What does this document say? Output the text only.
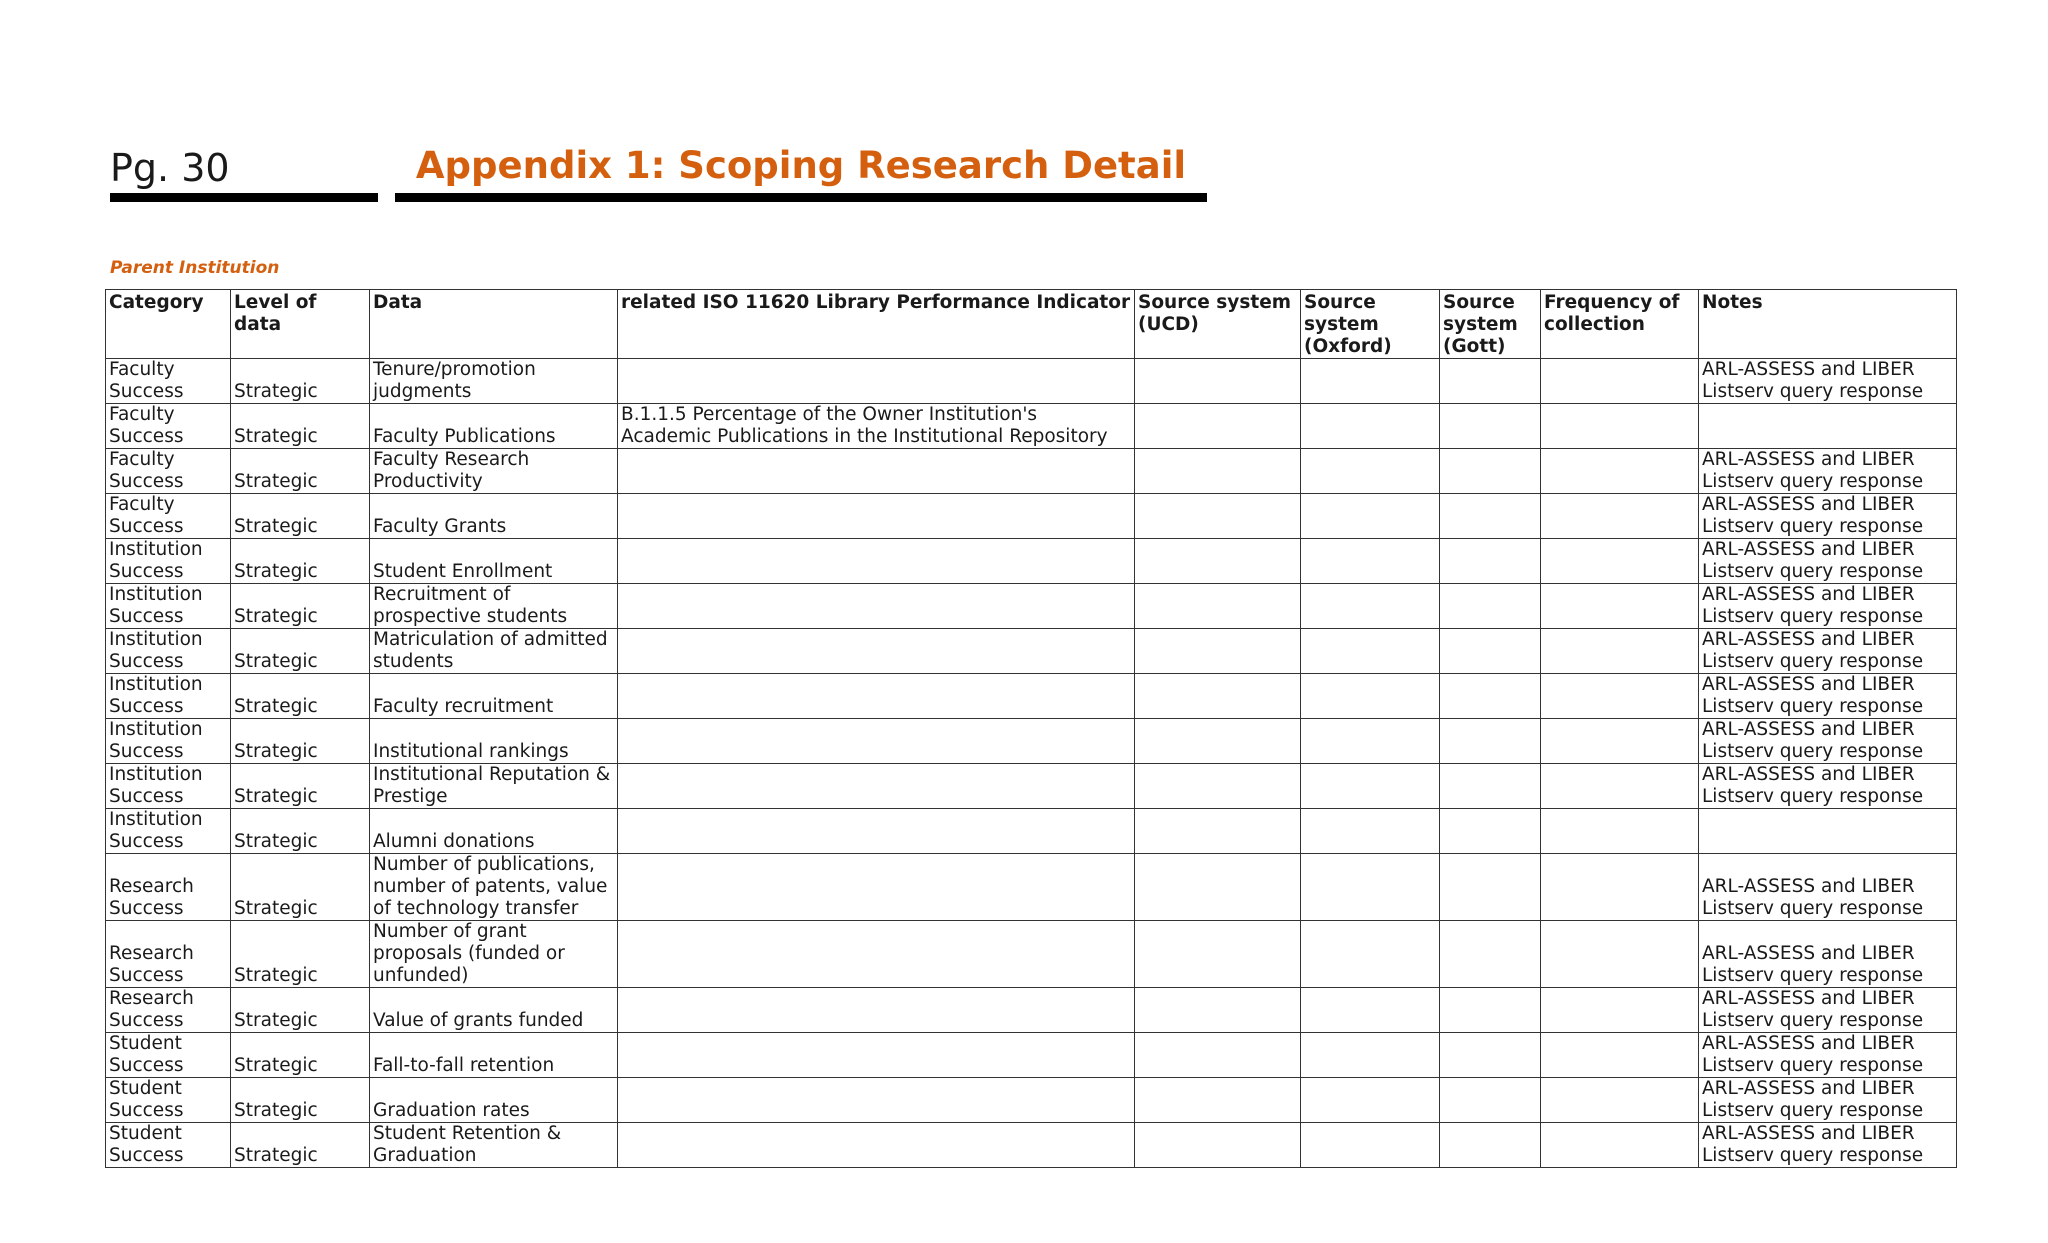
Pg. 30	Appendix 1: Scoping Research Detail
Parent Institution
Category	Level of data	Data	related ISO 11620 Library Performance Indicator	Source system (UCD)	Source system (Oxford)	Source system (Gott)	Frequency of collection	Notes
Faculty Success	Strategic	Tenure/promotion judgments						ARL-ASSESS and LIBER Listserv query response
Faculty Success	Strategic	Faculty Publications	B.1.1.5 Percentage of the Owner Institution's Academic Publications in the Institutional Repository					
Faculty Success	Strategic	Faculty Research Productivity						ARL-ASSESS and LIBER Listserv query response
Faculty Success	Strategic	Faculty Grants						ARL-ASSESS and LIBER Listserv query response
Institution Success	Strategic	Student Enrollment						ARL-ASSESS and LIBER Listserv query response
Institution Success	Strategic	Recruitment of prospective students						ARL-ASSESS and LIBER Listserv query response
Institution Success	Strategic	Matriculation of admitted students						ARL-ASSESS and LIBER Listserv query response
Institution Success	Strategic	Faculty recruitment						ARL-ASSESS and LIBER Listserv query response
Institution Success	Strategic	Institutional rankings						ARL-ASSESS and LIBER Listserv query response
Institution Success	Strategic	Institutional Reputation & Prestige						ARL-ASSESS and LIBER Listserv query response
Institution Success	Strategic	Alumni donations						
Research Success	Strategic	Number of publications, number of patents, value of technology transfer						ARL-ASSESS and LIBER Listserv query response
Research Success	Strategic	Number of grant proposals (funded or unfunded)						ARL-ASSESS and LIBER Listserv query response
Research Success	Strategic	Value of grants funded						ARL-ASSESS and LIBER Listserv query response
Student Success	Strategic	Fall-to-fall retention						ARL-ASSESS and LIBER Listserv query response
Student Success	Strategic	Graduation rates						ARL-ASSESS and LIBER Listserv query response
Student Success	Strategic	Student Retention & Graduation						ARL-ASSESS and LIBER Listserv query response
